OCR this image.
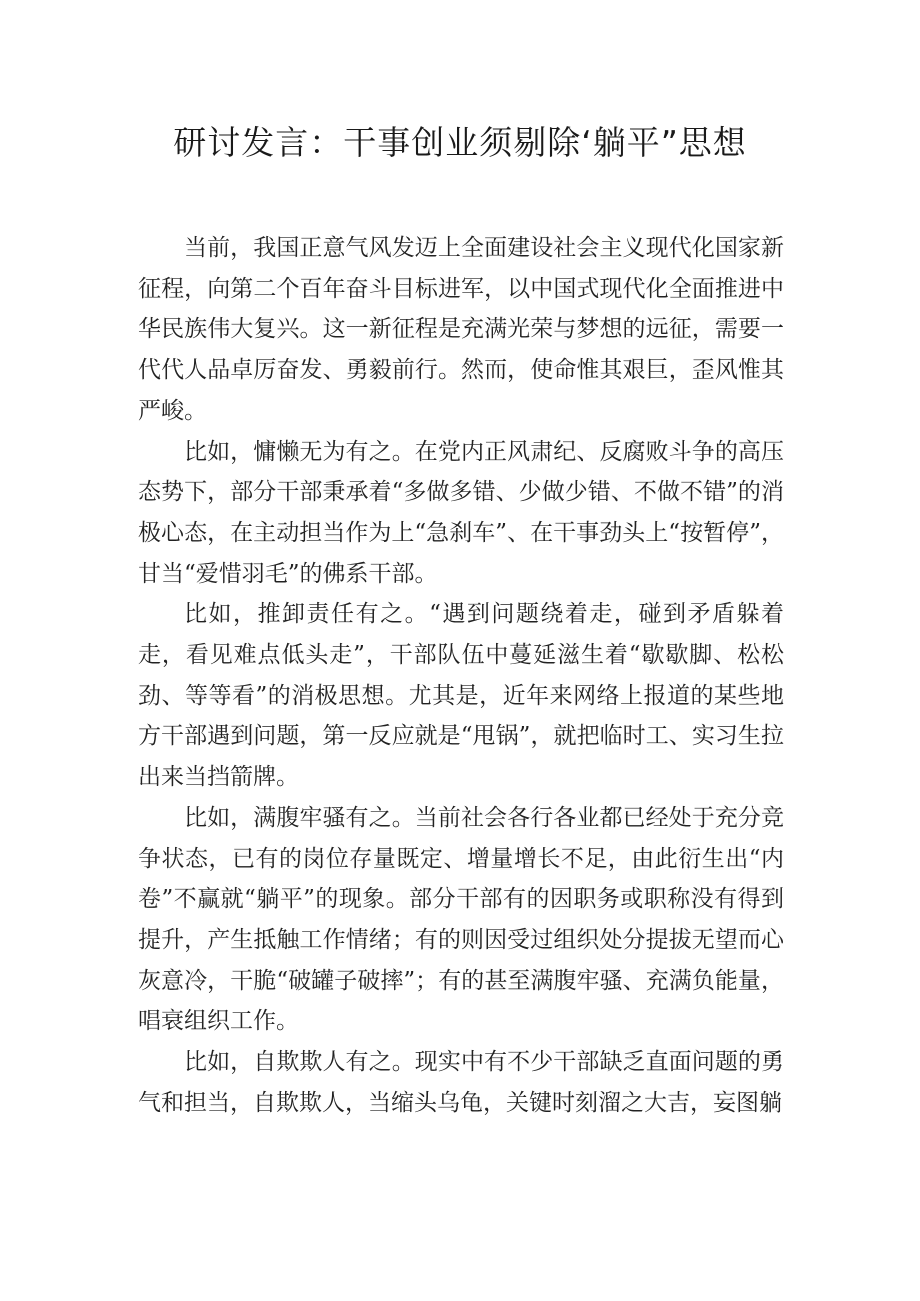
研讨发言：干事创业须剔除‘躺平”思想

当前，我国正意气风发迈上全面建设社会主义现代化国家新征程，向第二个百年奋斗目标进军，以中国式现代化全面推进中华民族伟大复兴。这一新征程是充满光荣与梦想的远征，需要一代代人品卓厉奋发、勇毅前行。然而，使命惟其艰巨，歪风惟其严峻。

比如，慵懒无为有之。在党内正风肃纪、反腐败斗争的高压态势下，部分干部秉承着“多做多错、少做少错、不做不错”的消极心态，在主动担当作为上“急刹车”、在干事劲头上“按暂停”，甘当“爱惜羽毛”的佛系干部。

比如，推卸责任有之。“遇到问题绕着走，碰到矛盾躲着走，看见难点低头走”，干部队伍中蔓延滋生着“歇歇脚、松松劲、等等看”的消极思想。尤其是，近年来网络上报道的某些地方干部遇到问题，第一反应就是“甩锅”，就把临时工、实习生拉出来当挡箭牌。

比如，满腹牢骚有之。当前社会各行各业都已经处于充分竞争状态，已有的岗位存量既定、增量增长不足，由此衍生出“内卷”不赢就“躺平”的现象。部分干部有的因职务或职称没有得到提升，产生抵触工作情绪；有的则因受过组织处分提拔无望而心灰意冷，干脆“破罐子破摔”；有的甚至满腹牢骚、充满负能量，唱衰组织工作。

比如，自欺欺人有之。现实中有不少干部缺乏直面问题的勇气和担当，自欺欺人，当缩头乌龟，关键时刻溜之大吉，妄图躺
